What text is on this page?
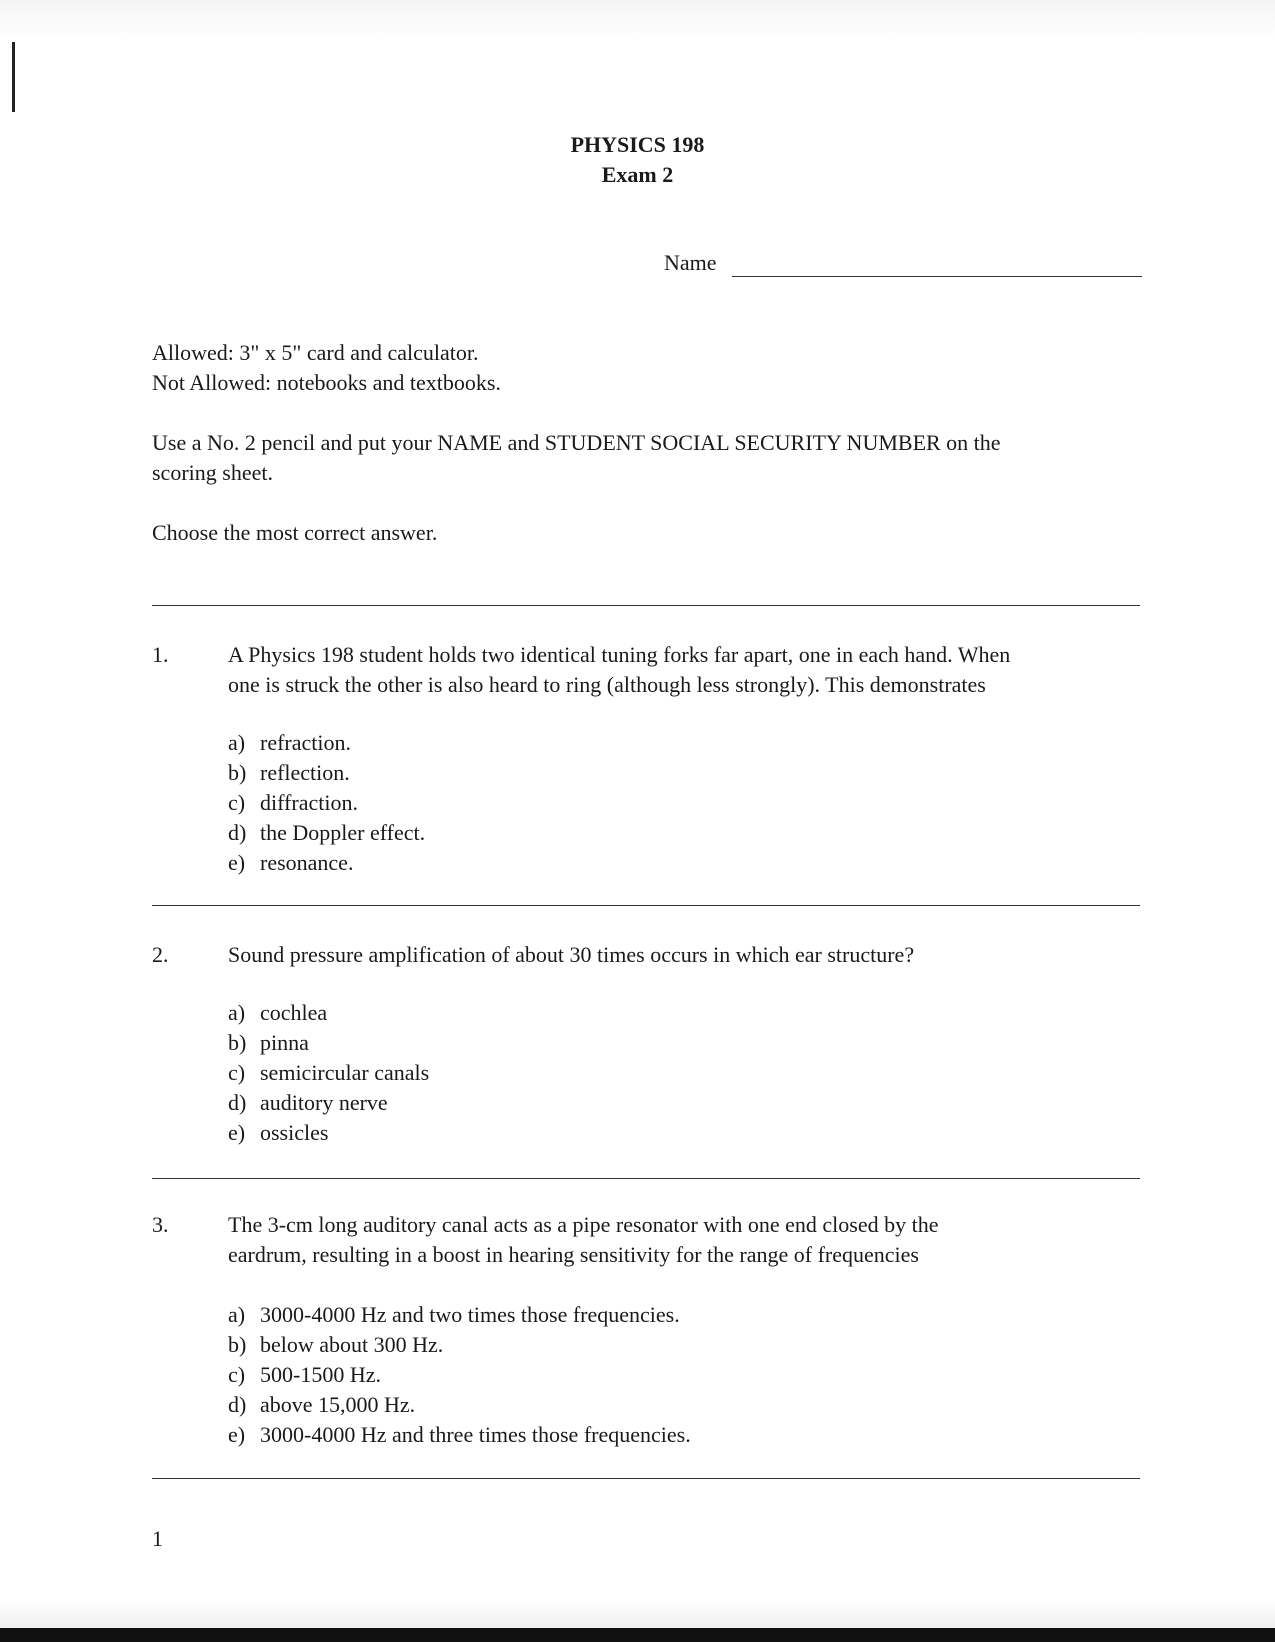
PHYSICS 198
Exam 2
Name
Allowed: 3" x 5" card and calculator.
Not Allowed: notebooks and textbooks.
Use a No. 2 pencil and put your NAME and STUDENT SOCIAL SECURITY NUMBER on the
scoring sheet.
Choose the most correct answer.
1.	A Physics 198 student holds two identical tuning forks far apart, one in each hand. When
one is struck the other is also heard to ring (although less strongly). This demonstrates
a) refraction.
b) reflection.
c) diffraction.
d) the Doppler effect.
e) resonance.
2.	Sound pressure amplification of about 30 times occurs in which ear structure?
a) cochlea
b) pinna
c) semicircular canals
d) auditory nerve
e) ossicles
3.	The 3-cm long auditory canal acts as a pipe resonator with one end closed by the
eardrum, resulting in a boost in hearing sensitivity for the range of frequencies
a) 3000-4000 Hz and two times those frequencies.
b) below about 300 Hz.
c) 500-1500 Hz.
d) above 15,000 Hz.
e) 3000-4000 Hz and three times those frequencies.
1
